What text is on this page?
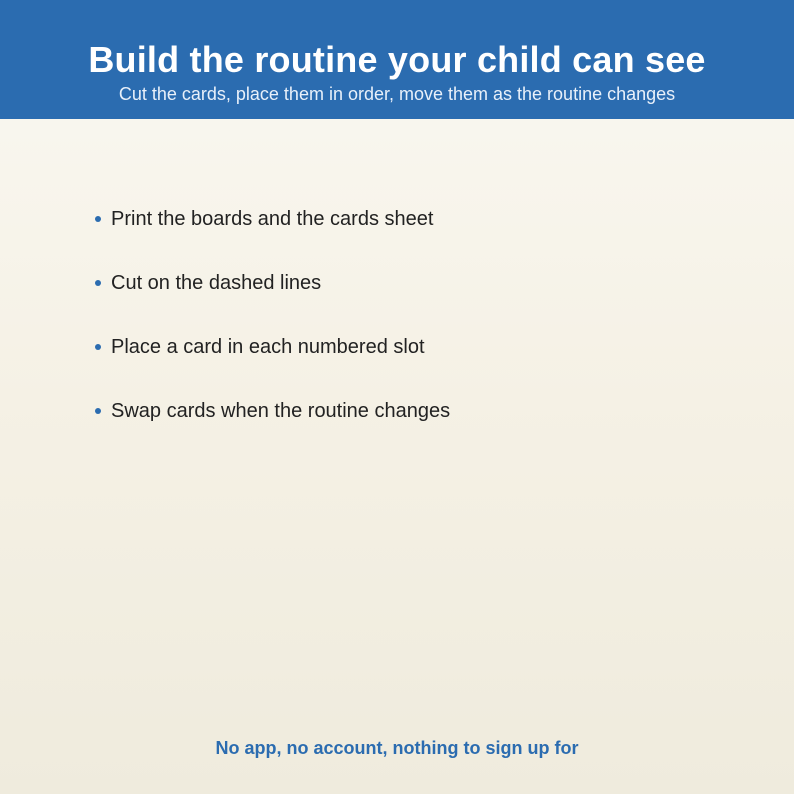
Build the routine your child can see

Cut the cards, place them in order, move them as the routine changes

Print the boards and the cards sheet
Cut on the dashed lines
Place a card in each numbered slot
Swap cards when the routine changes
No app, no account, nothing to sign up for
